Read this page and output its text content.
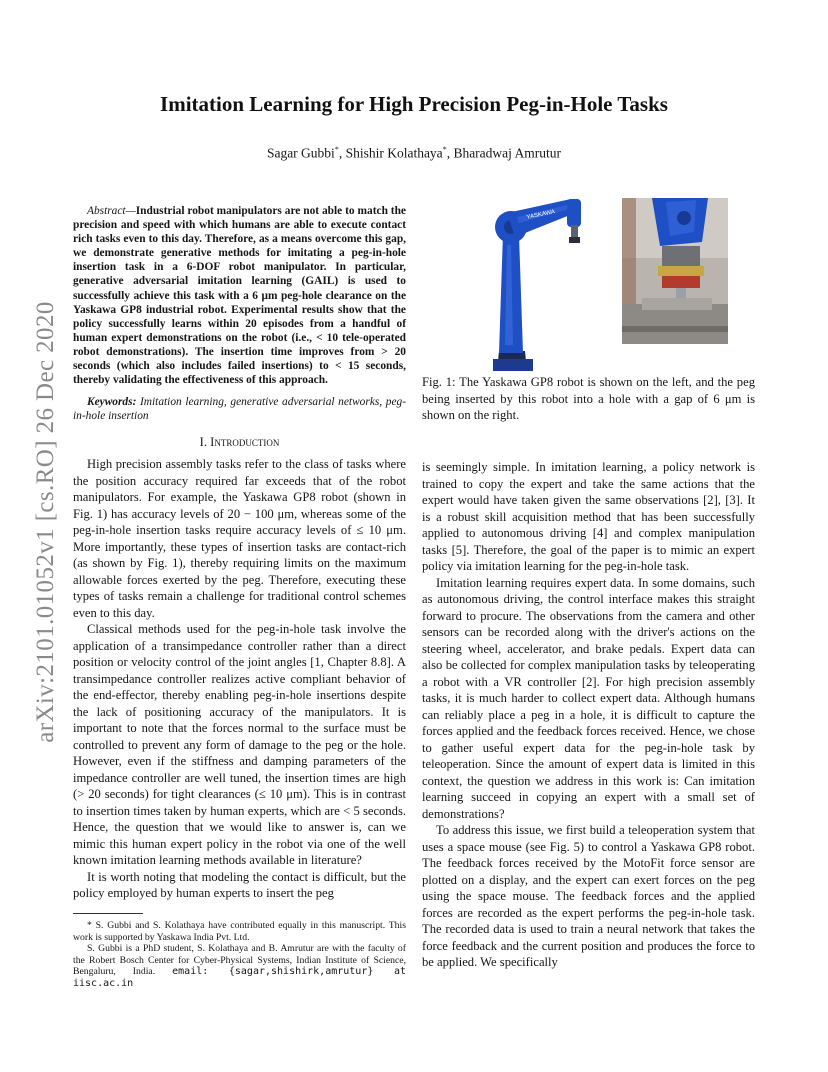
arXiv:2101.01052v1 [cs.RO] 26 Dec 2020
Imitation Learning for High Precision Peg-in-Hole Tasks
Sagar Gubbi*, Shishir Kolathaya*, Bharadwaj Amrutur

Abstract—Industrial robot manipulators are not able to match the precision and speed with which humans are able to execute contact rich tasks even to this day. Therefore, as a means overcome this gap, we demonstrate generative methods for imitating a peg-in-hole insertion task in a 6-DOF robot manipulator. In particular, generative adversarial imitation learning (GAIL) is used to successfully achieve this task with a 6 μm peg-hole clearance on the Yaskawa GP8 industrial robot. Experimental results show that the policy successfully learns within 20 episodes from a handful of human expert demonstrations on the robot (i.e., < 10 tele-operated robot demonstrations). The insertion time improves from > 20 seconds (which also includes failed insertions) to < 15 seconds, thereby validating the effectiveness of this approach.

Keywords: Imitation learning, generative adversarial networks, peg-in-hole insertion

I. Introduction

High precision assembly tasks refer to the class of tasks where the position accuracy required far exceeds that of the robot manipulators. For example, the Yaskawa GP8 robot (shown in Fig. 1) has accuracy levels of 20 − 100 μm, whereas some of the peg-in-hole insertion tasks require accuracy levels of ≤ 10 μm. More importantly, these types of insertion tasks are contact-rich (as shown by Fig. 1), thereby requiring limits on the maximum allowable forces exerted by the peg. Therefore, executing these types of tasks remain a challenge for traditional control schemes even to this day.

Classical methods used for the peg-in-hole task involve the application of a transimpedance controller rather than a direct position or velocity control of the joint angles [1, Chapter 8.8]. A transimpedance controller realizes active compliant behavior of the end-effector, thereby enabling peg-in-hole insertions despite the lack of positioning accuracy of the manipulators. It is important to note that the forces normal to the surface must be controlled to prevent any form of damage to the peg or the hole. However, even if the stiffness and damping parameters of the impedance controller are well tuned, the insertion times are high (> 20 seconds) for tight clearances (≤ 10 μm). This is in contrast to insertion times taken by human experts, which are < 5 seconds. Hence, the question that we would like to answer is, can we mimic this human expert policy in the robot via one of the well known imitation learning methods available in literature?

It is worth noting that modeling the contact is difficult, but the policy employed by human experts to insert the peg

* S. Gubbi and S. Kolathaya have contributed equally in this manuscript. This work is supported by Yaskawa India Pvt. Ltd.

S. Gubbi is a PhD student, S. Kolathaya and B. Amrutur are with the faculty of the Robert Bosch Center for Cyber-Physical Systems, Indian Institute of Science, Bengaluru, India. email: {sagar,shishirk,amrutur} at iisc.ac.in

YASKAWA

Fig. 1: The Yaskawa GP8 robot is shown on the left, and the peg being inserted by this robot into a hole with a gap of 6 μm is shown on the right.

is seemingly simple. In imitation learning, a policy network is trained to copy the expert and take the same actions that the expert would have taken given the same observations [2], [3]. It is a robust skill acquisition method that has been successfully applied to autonomous driving [4] and complex manipulation tasks [5]. Therefore, the goal of the paper is to mimic an expert policy via imitation learning for the peg-in-hole task.

Imitation learning requires expert data. In some domains, such as autonomous driving, the control interface makes this straight forward to procure. The observations from the camera and other sensors can be recorded along with the driver's actions on the steering wheel, accelerator, and brake pedals. Expert data can also be collected for complex manipulation tasks by teleoperating a robot with a VR controller [2]. For high precision assembly tasks, it is much harder to collect expert data. Although humans can reliably place a peg in a hole, it is difficult to capture the forces applied and the feedback forces received. Hence, we chose to gather useful expert data for the peg-in-hole task by teleoperation. Since the amount of expert data is limited in this context, the question we address in this work is: Can imitation learning succeed in copying an expert with a small set of demonstrations?

To address this issue, we first build a teleoperation system that uses a space mouse (see Fig. 5) to control a Yaskawa GP8 robot. The feedback forces received by the MotoFit force sensor are plotted on a display, and the expert can exert forces on the peg using the space mouse. The feedback forces and the applied forces are recorded as the expert performs the peg-in-hole task. The recorded data is used to train a neural network that takes the force feedback and the current position and produces the force to be applied. We specifically
